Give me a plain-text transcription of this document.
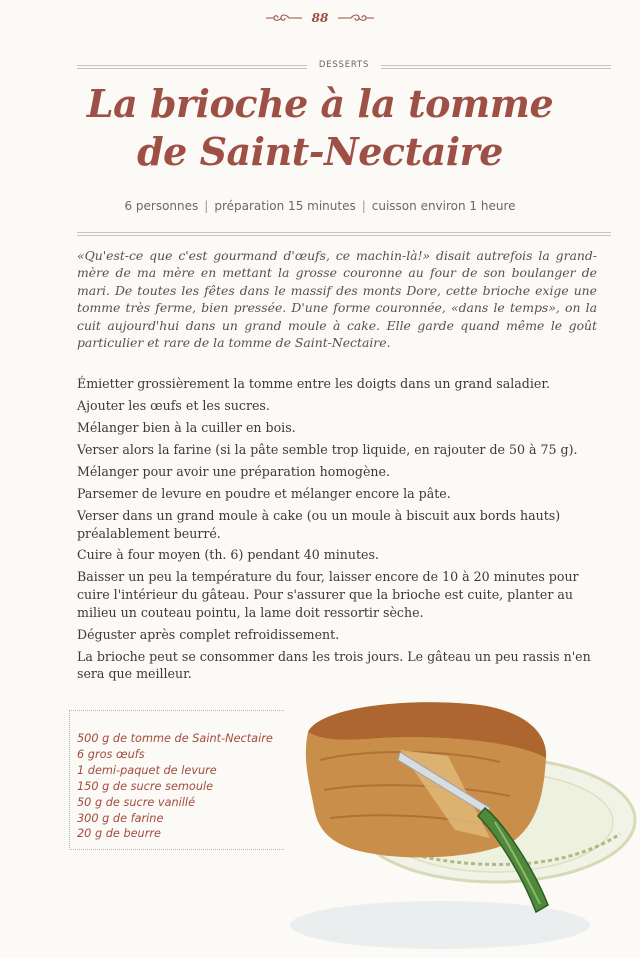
88
DESSERTS
La brioche à la tomme
de Saint-Nectaire
6 personnes | préparation 15 minutes | cuisson environ 1 heure

«Qu'est-ce que c'est gourmand d'œufs, ce machin-là!» disait autrefois la grand-mère de ma mère en mettant la grosse couronne au four de son boulanger de mari. De toutes les fêtes dans le massif des monts Dore, cette brioche exige une tomme très ferme, bien pressée. D'une forme couronnée, «dans le temps», on la cuit aujourd'hui dans un grand moule à cake. Elle garde quand même le goût particulier et rare de la tomme de Saint-Nectaire.

Émietter grossièrement la tomme entre les doigts dans un grand saladier.

Ajouter les œufs et les sucres.

Mélanger bien à la cuiller en bois.

Verser alors la farine (si la pâte semble trop liquide, en rajouter de 50 à 75 g).

Mélanger pour avoir une préparation homogène.

Parsemer de levure en poudre et mélanger encore la pâte.

Verser dans un grand moule à cake (ou un moule à biscuit aux bords hauts) préalablement beurré.

Cuire à four moyen (th. 6) pendant 40 minutes.

Baisser un peu la température du four, laisser encore de 10 à 20 minutes pour cuire l'intérieur du gâteau. Pour s'assurer que la brioche est cuite, planter au milieu un couteau pointu, la lame doit ressortir sèche.

Déguster après complet refroidissement.

La brioche peut se consommer dans les trois jours. Le gâteau un peu rassis n'en sera que meilleur.

500 g de tomme de Saint-Nectaire
6 gros œufs
1 demi-paquet de levure
150 g de sucre semoule
50 g de sucre vanillé
300 g de farine
20 g de beurre
